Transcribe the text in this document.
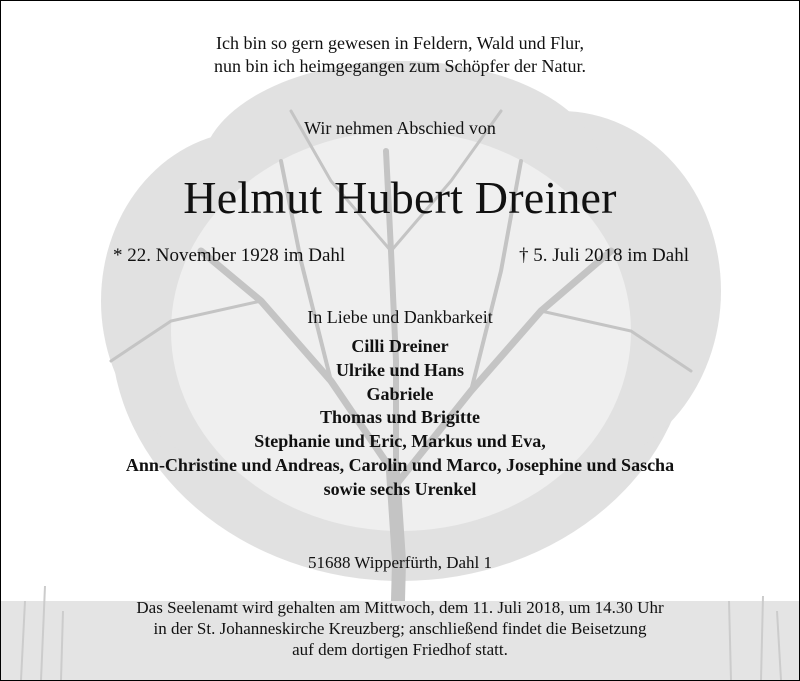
Ich bin so gern gewesen in Feldern, Wald und Flur,
nun bin ich heimgegangen zum Schöpfer der Natur.
Wir nehmen Abschied von
Helmut Hubert Dreiner
* 22. November 1928 im Dahl	† 5. Juli 2018 im Dahl
In Liebe und Dankbarkeit
Cilli Dreiner
Ulrike und Hans
Gabriele
Thomas und Brigitte
Stephanie und Eric, Markus und Eva,
Ann-Christine und Andreas, Carolin und Marco, Josephine und Sascha
sowie sechs Urenkel
51688 Wipperfürth, Dahl 1
Das Seelenamt wird gehalten am Mittwoch, dem 11. Juli 2018, um 14.30 Uhr
in der St. Johanneskirche Kreuzberg; anschließend findet die Beisetzung
auf dem dortigen Friedhof statt.
